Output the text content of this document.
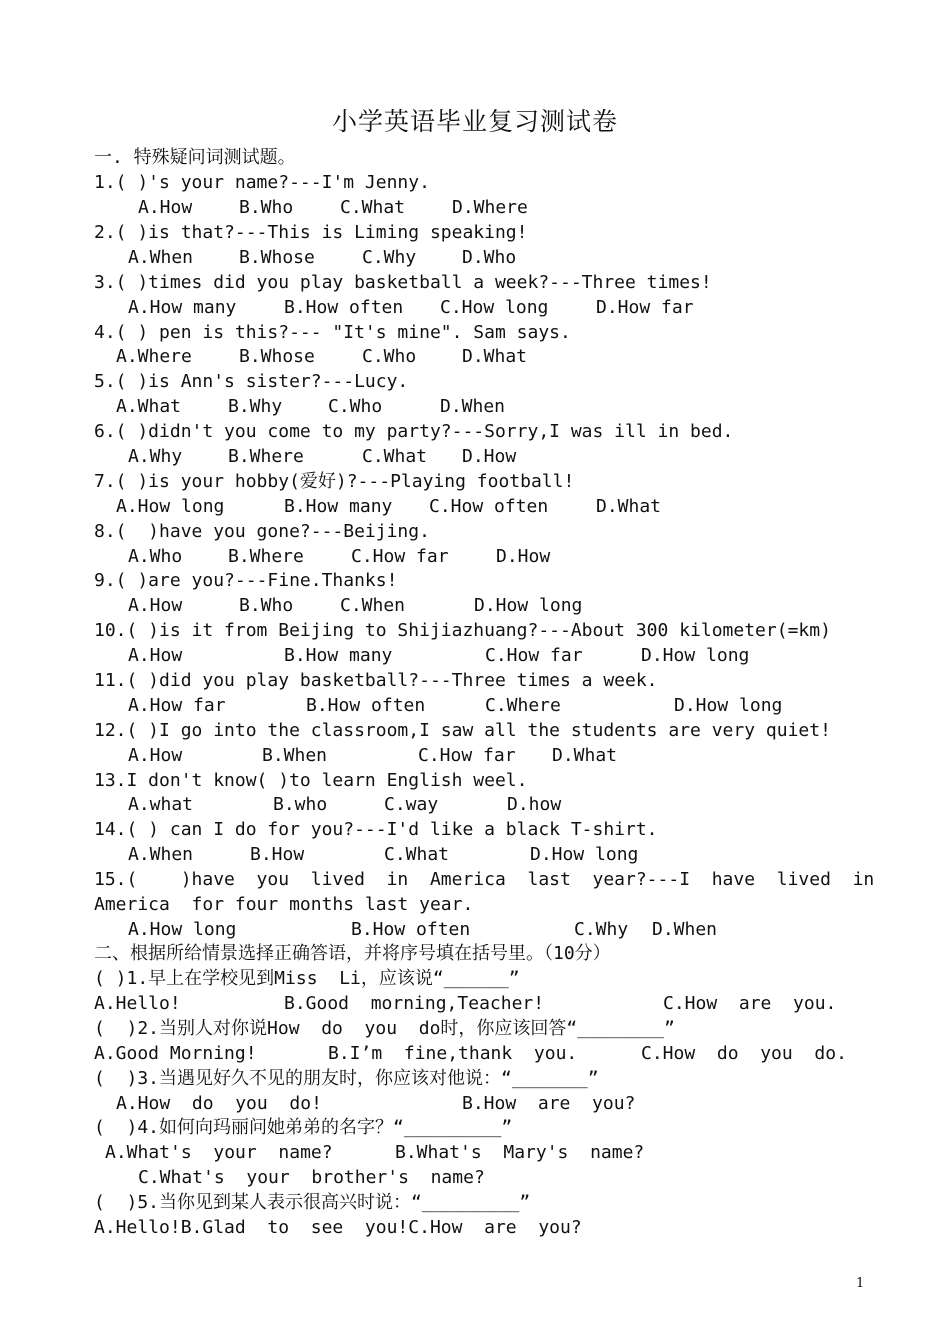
小学英语毕业复习测试卷
一. 特殊疑问词测试题。
1.( )'s your name?---I'm Jenny.
A.How	B.Who	C.What	D.Where
2.( )is that?---This is Liming speaking!
A.When	B.Whose	C.Why	D.Who
3.( )times did you play basketball a week?---Three times!
A.How many	B.How often C.How long	D.How far
4.( ) pen is this?--- "It's mine". Sam says.
A.Where	B.Whose	C.Who	D.What
5.( )is Ann's sister?---Lucy.
A.What	B.Why	C.Who	D.When
6.( )didn't you come to my party?---Sorry,I was ill in bed.
A.Why	B.Where	C.What D.How
7.( )is your hobby(爱好)?---Playing football!
A.How long	B.How many C.How often	D.What
8.(  )have you gone?---Beijing.
A.Who	B.Where	C.How far	D.How
9.( )are you?---Fine.Thanks!
A.How	B.Who	C.When	D.How long
10.( )is it from Beijing to Shijiazhuang?---About 300 kilometer(=km)
A.How	B.How many	C.How far	D.How long
11.( )did you play basketball?---Three times a week.
A.How far	B.How often	C.Where	D.How long
12.( )I go into the classroom,I saw all the students are very quiet!
A.How	B.When	C.How far D.What
13.I don't know( )to learn English weel.
A.what	B.who	C.way	D.how
14.( ) can I do for you?---I'd like a black T-shirt.
A.When	B.How	C.What	D.How long
15.(    )have  you  lived  in  America  last  year?---I  have  lived  in
America  for four months last year.
A.How long	B.How often	C.Why D.When
二、根据所给情景选择正确答语，并将序号填在括号里。（10分）
( )1.早上在学校见到Miss  Li，应该说“______”
A.Hello!	B.Good  morning,Teacher!	C.How  are  you.
(  )2.当别人对你说How  do  you  do时，你应该回答“________”
A.Good Morning!	B.I’m  fine,thank  you.	C.How  do  you  do.
(  )3.当遇见好久不见的朋友时，你应该对他说：“_______”
A.How  do  you  do!	B.How  are  you?
(  )4.如何向玛丽问她弟弟的名字？“_________”
A.What's  your  name?	B.What's  Mary's  name?
C.What's  your  brother's  name?
(  )5.当你见到某人表示很高兴时说：“_________”
A.Hello!B.Glad  to  see  you!C.How  are  you?
1
